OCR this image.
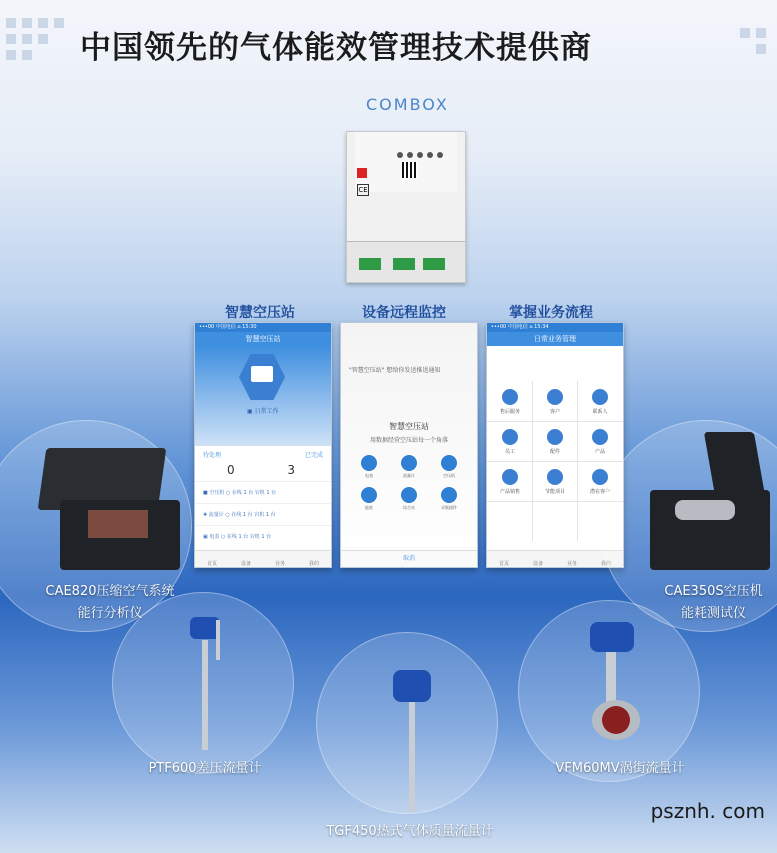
中国领先的气体能效管理技术提供商
COMBOX
CE
智慧空压站	设备远程监控	掌握业务流程
•••00 中国电信 ⌂ 15:30
智慧空压站
▣ 日常工作
待处理	已完成
0	3
■ 空压机 ○ 在线 1 台 宕机 1 台
✚ 流量计 ○ 在线 1 台 宕机 1 台
▣ 电表 ○ 在线 1 台 宕机 1 台
首页	设备	业务	我的
"智慧空压站" 想给你发送推送通知
智慧空压站
用数据经营空压站每一个角落
电表	流量计	空压机
能耗	综合站	采集插件
取消
•••00 中国电信 ⌂ 15:34
日常业务管理
售后服务	客户	联系人
员工	配件	产品
产品销售	节能项目	潜在客户
首页	设备	业务	我的
CAE820压缩空气系统
能行分析仪
CAE350S空压机
能耗测试仪
PTF600差压流量计
TGF450热式气体质量流量计
VFM60MV涡街流量计
psznh. com
